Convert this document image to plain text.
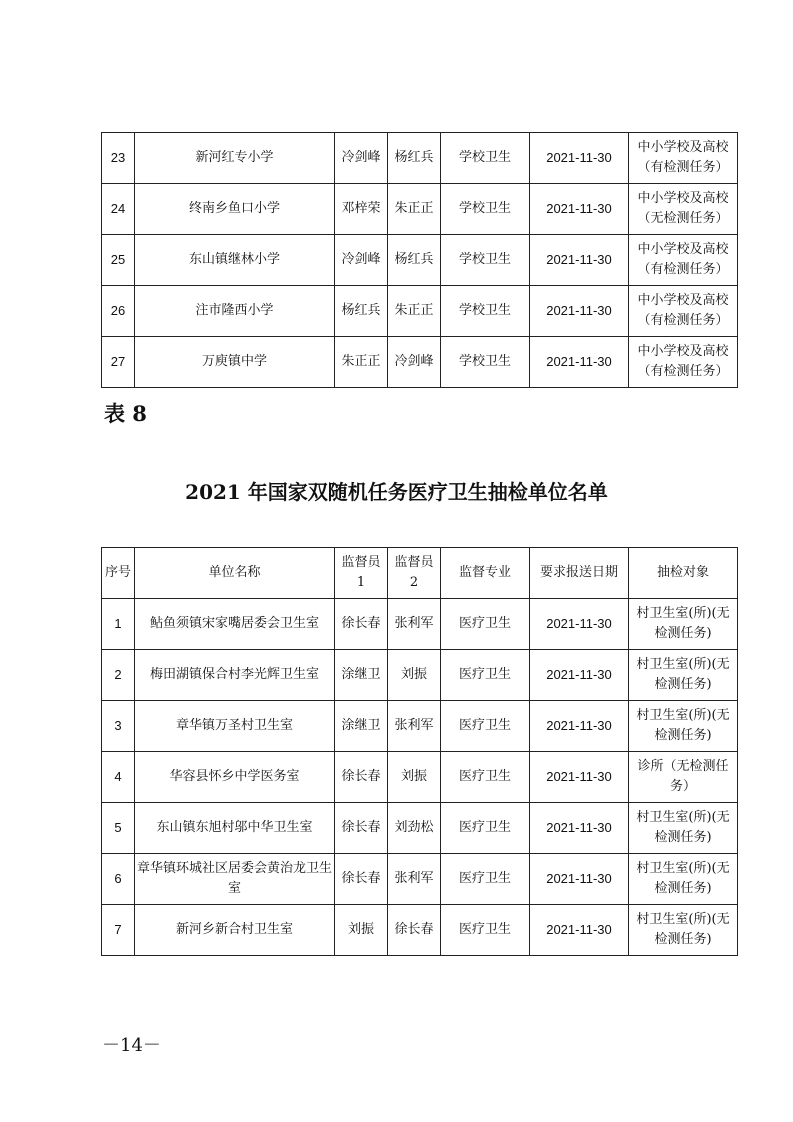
23	新河红专小学	冷剑峰	杨红兵	学校卫生	2021-11-30	中小学校及高校
（有检测任务）

24	终南乡鱼口小学	邓梓荣	朱正正	学校卫生	2021-11-30	中小学校及高校
（无检测任务）

25	东山镇继林小学	冷剑峰	杨红兵	学校卫生	2021-11-30	中小学校及高校
（有检测任务）

26	注市隆西小学	杨红兵	朱正正	学校卫生	2021-11-30	中小学校及高校
（有检测任务）

27	万庾镇中学	朱正正	冷剑峰	学校卫生	2021-11-30	中小学校及高校
（有检测任务）

表 8

2021 年国家双随机任务医疗卫生抽检单位名单
序号	单位名称	监督员 1	监督员 2	监督专业	要求报送日期	抽检对象
1	鲇鱼须镇宋家嘴居委会卫生室	徐长春	张利军	医疗卫生	2021-11-30	村卫生室(所)(无
检测任务)

2	梅田湖镇保合村李光辉卫生室	涂继卫	刘振	医疗卫生	2021-11-30	村卫生室(所)(无
检测任务)

3	章华镇万圣村卫生室	涂继卫	张利军	医疗卫生	2021-11-30	村卫生室(所)(无
检测任务)

4	华容县怀乡中学医务室	徐长春	刘振	医疗卫生	2021-11-30	诊所（无检测任
务）

5	东山镇东旭村邬中华卫生室	徐长春	刘劲松	医疗卫生	2021-11-30	村卫生室(所)(无
检测任务)

6	章华镇环城社区居委会黄治龙卫生室	徐长春	张利军	医疗卫生	2021-11-30	村卫生室(所)(无
检测任务)

7	新河乡新合村卫生室	刘振	徐长春	医疗卫生	2021-11-30	村卫生室(所)(无
检测任务)

－14－
